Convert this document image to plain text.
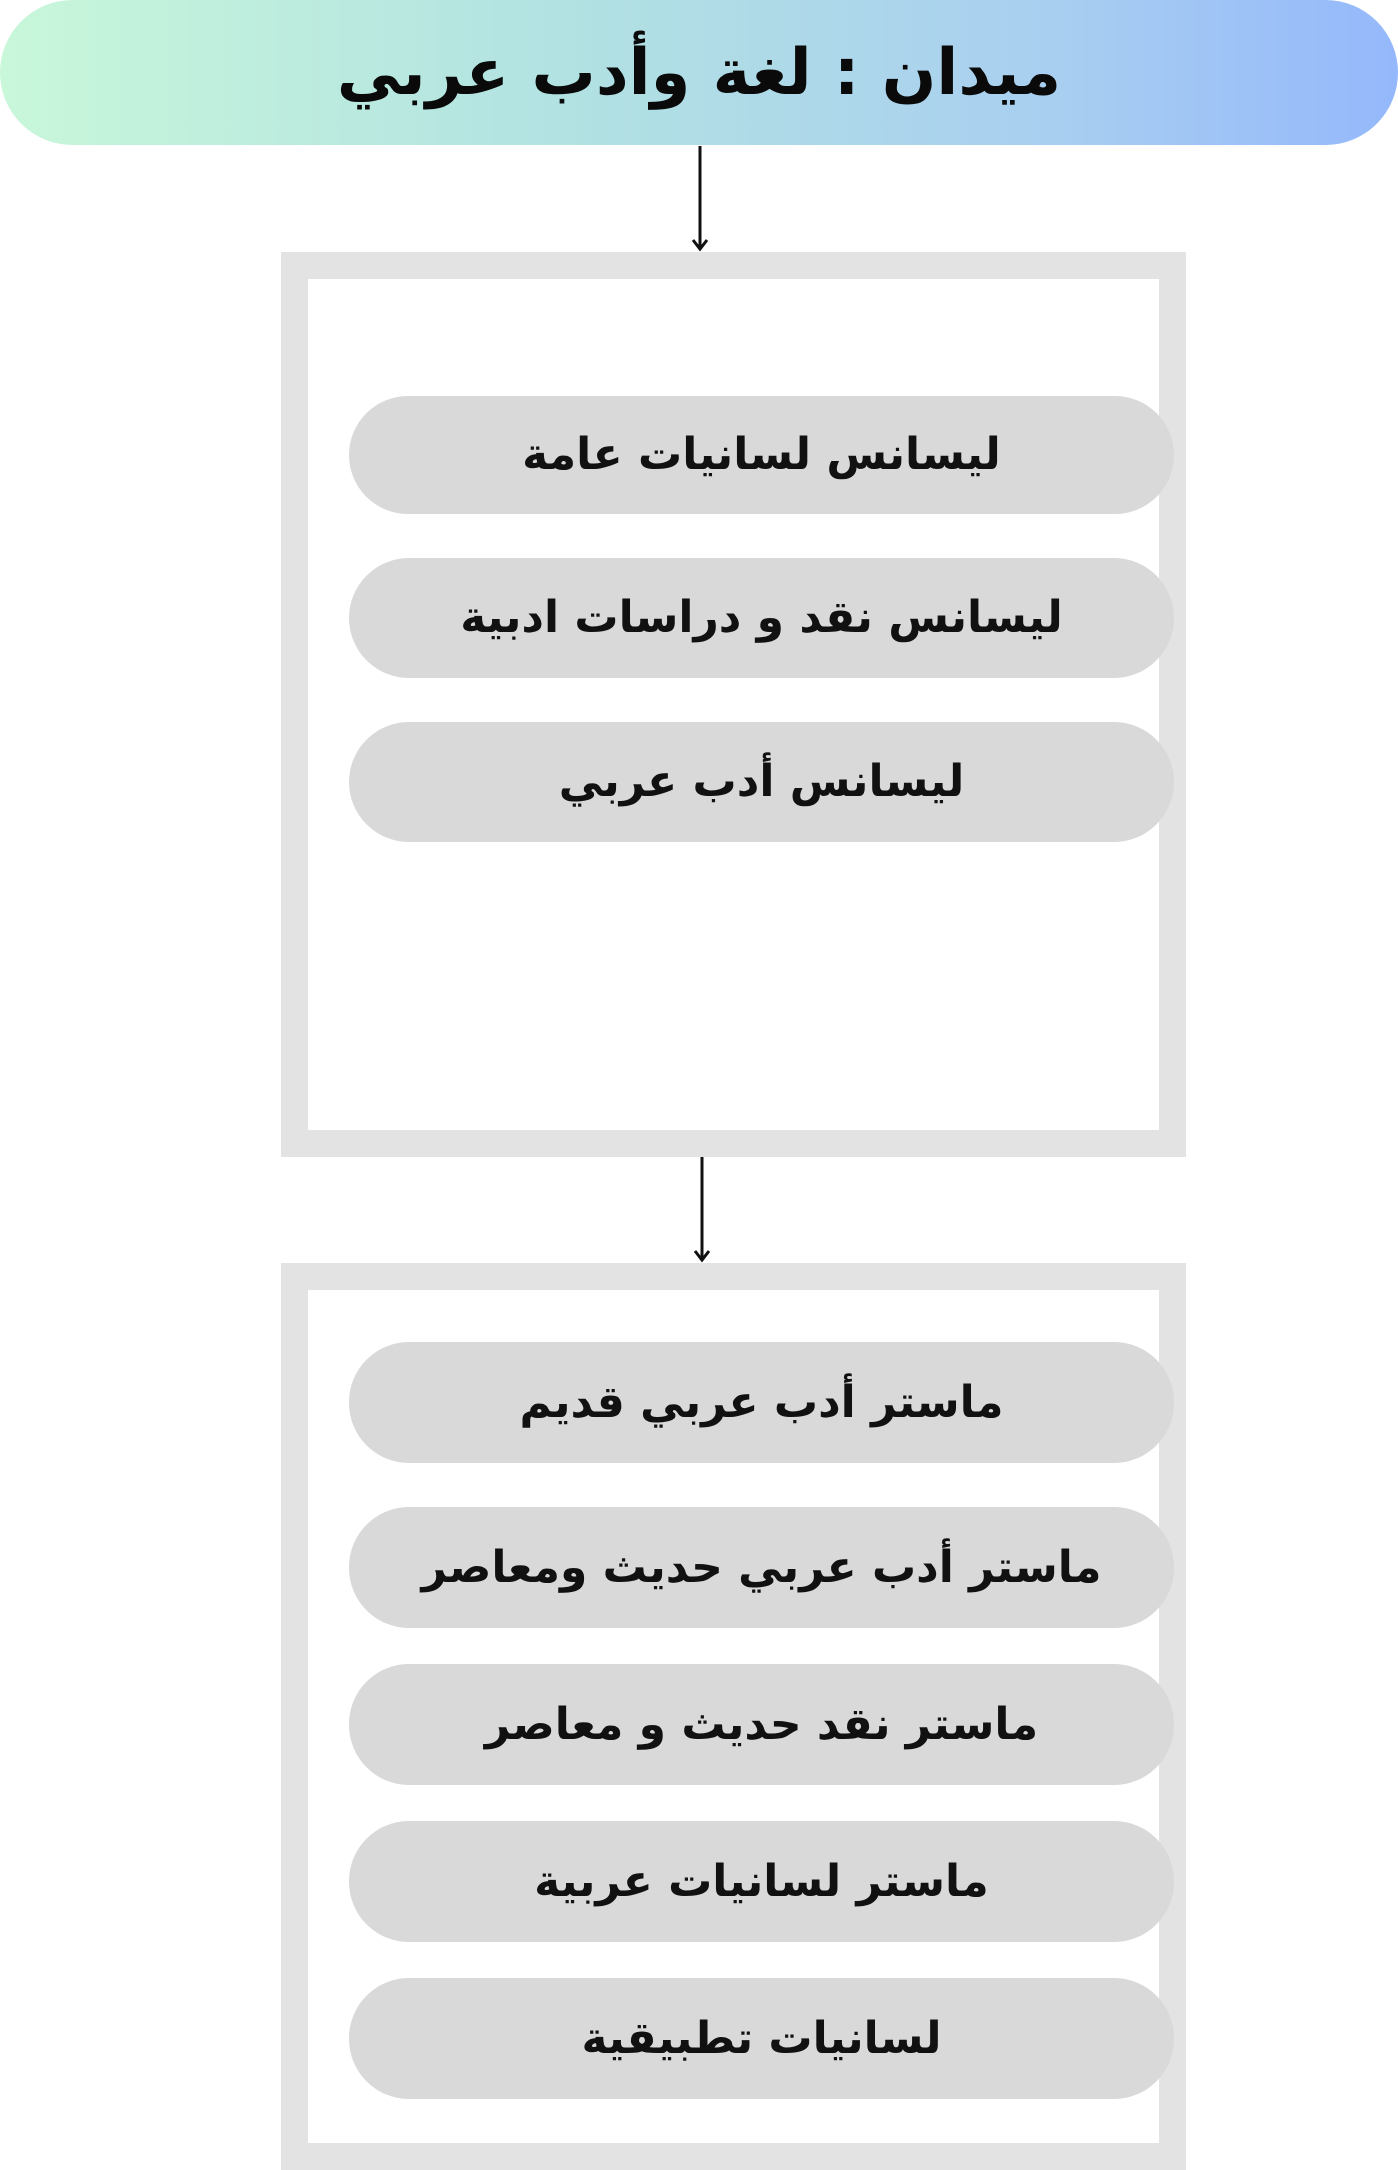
ميدان : لغة وأدب عربي
ليسانس لسانيات عامة
ليسانس نقد و دراسات ادبية
ليسانس أدب عربي
ماستر أدب عربي قديم
ماستر أدب عربي حديث ومعاصر
ماستر نقد حديث و معاصر
ماستر لسانيات عربية
لسانيات تطبيقية
